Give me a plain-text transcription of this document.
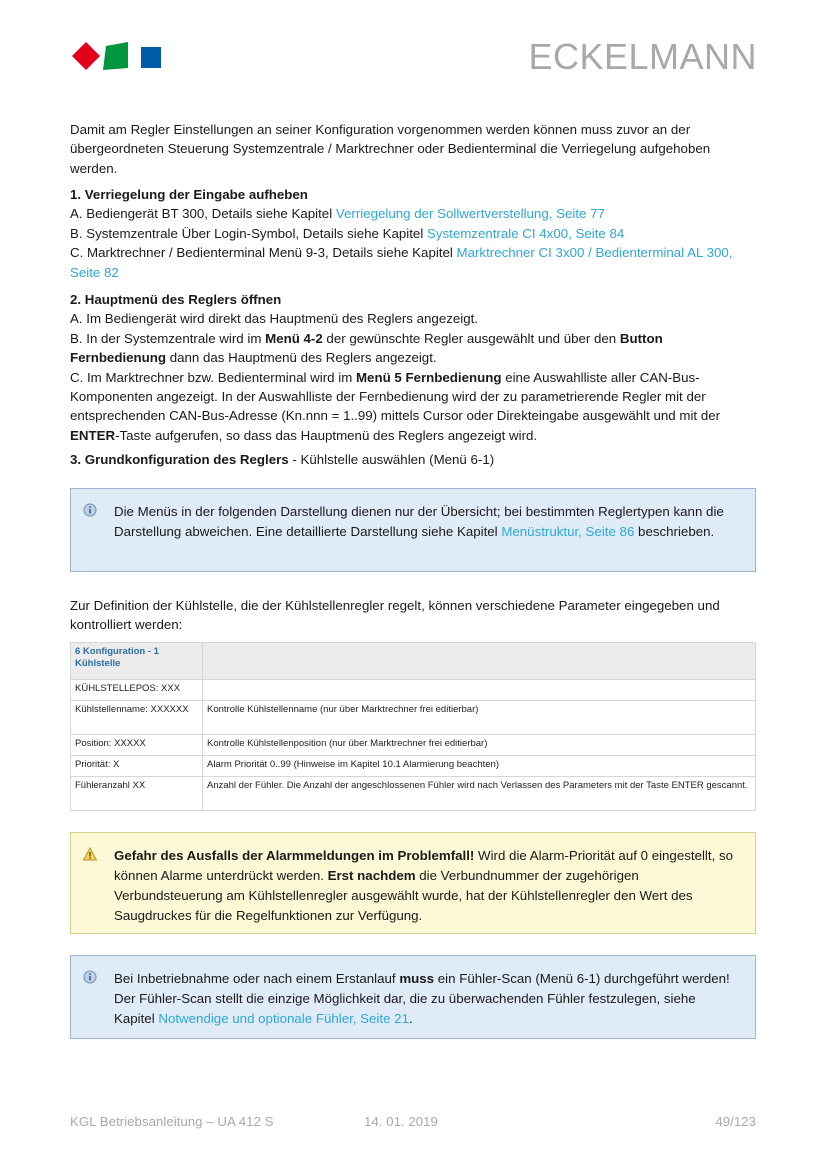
ECKELMANN

Damit am Regler Einstellungen an seiner Konfiguration vorgenommen werden können muss zuvor an der übergeordneten Steuerung Systemzentrale / Marktrechner oder Bedienterminal die Verriegelung aufgehoben werden.

1. Verriegelung der Eingabe aufheben

A. Bediengerät BT 300, Details siehe Kapitel Verriegelung der Sollwertverstellung, Seite 77

B. Systemzentrale Über Login-Symbol, Details siehe Kapitel Systemzentrale CI 4x00, Seite 84

C. Marktrechner / Bedienterminal Menü 9-3, Details siehe Kapitel Marktrechner CI 3x00 / Bedienterminal AL 300, Seite 82

2. Hauptmenü des Reglers öffnen

A. Im Bediengerät wird direkt das Hauptmenü des Reglers angezeigt.

B. In der Systemzentrale wird im Menü 4-2 der gewünschte Regler ausgewählt und über den Button Fernbedienung dann das Hauptmenü des Reglers angezeigt.

C. Im Marktrechner bzw. Bedienterminal wird im Menü 5 Fernbedienung eine Auswahlliste aller CAN-Bus-Komponenten angezeigt. In der Auswahlliste der Fernbedienung wird der zu parametrierende Regler mit der entsprechenden CAN-Bus-Adresse (Kn.nnn = 1..99) mittels Cursor oder Direkteingabe ausgewählt und mit der ENTER-Taste aufgerufen, so dass das Hauptmenü des Reglers angezeigt wird.

3. Grundkonfiguration des Reglers - Kühlstelle auswählen (Menü 6-1)

Die Menüs in der folgenden Darstellung dienen nur der Übersicht; bei bestimmten Reglertypen kann die Darstellung abweichen. Eine detaillierte Darstellung siehe Kapitel Menüstruktur, Seite 86 beschrieben.

Zur Definition der Kühlstelle, die der Kühlstellenregler regelt, können verschiedene Parameter eingegeben und kontrolliert werden:

6 Konfiguration - 1 Kühlstelle	
KÜHLSTELLEPOS: XXX	
Kühlstellenname: XXXXXX	Kontrolle Kühlstellenname (nur über Marktrechner frei editierbar)
Position: XXXXX	Kontrolle Kühlstellenposition (nur über Marktrechner frei editierbar)
Priorität: X	Alarm Priorität 0..99 (Hinweise im Kapitel 10.1 Alarmierung beachten)
Fühleranzahl XX	Anzahl der Fühler. Die Anzahl der angeschlossenen Fühler wird nach Verlassen des Parameters mit der Taste ENTER gescannt.
Gefahr des Ausfalls der Alarmmeldungen im Problemfall! Wird die Alarm-Priorität auf 0 eingestellt, so können Alarme unterdrückt werden. Erst nachdem die Verbundnummer der zugehörigen Verbundsteuerung am Kühlstellenregler ausgewählt wurde, hat der Kühlstellenregler den Wert des Saugdruckes für die Regelfunktionen zur Verfügung.
Bei Inbetriebnahme oder nach einem Erstanlauf muss ein Fühler-Scan (Menü 6-1) durchgeführt werden! Der Fühler-Scan stellt die einzige Möglichkeit dar, die zu überwachenden Fühler festzulegen, siehe Kapitel Notwendige und optionale Fühler, Seite 21.
KGL Betriebsanleitung – UA 412 S	14. 01. 2019	49/123
